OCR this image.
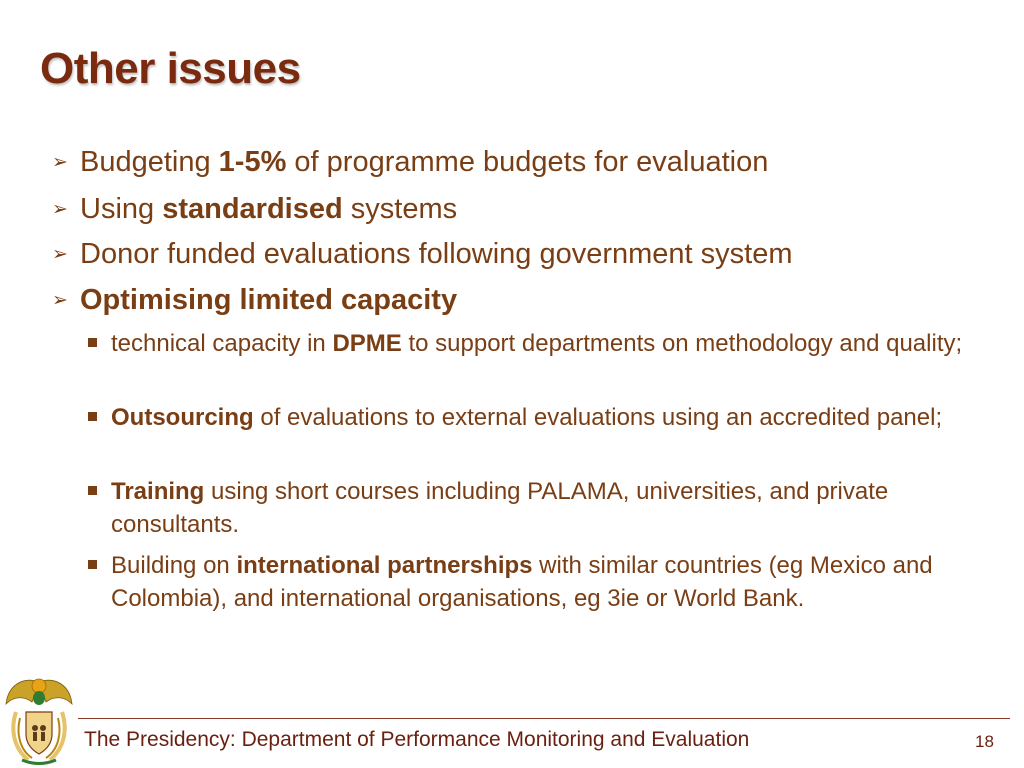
Other issues
➢ Budgeting 1-5% of programme budgets for evaluation
➢ Using standardised systems
➢ Donor funded evaluations following government system
➢ Optimising limited capacity
technical capacity in DPME to support departments on methodology and quality;
Outsourcing of evaluations to external evaluations using an accredited panel;
Training using short courses including PALAMA, universities, and private consultants.
Building on international partnerships with similar countries (eg Mexico and Colombia), and international organisations, eg 3ie or World Bank.
The Presidency: Department of Performance Monitoring and Evaluation	18
